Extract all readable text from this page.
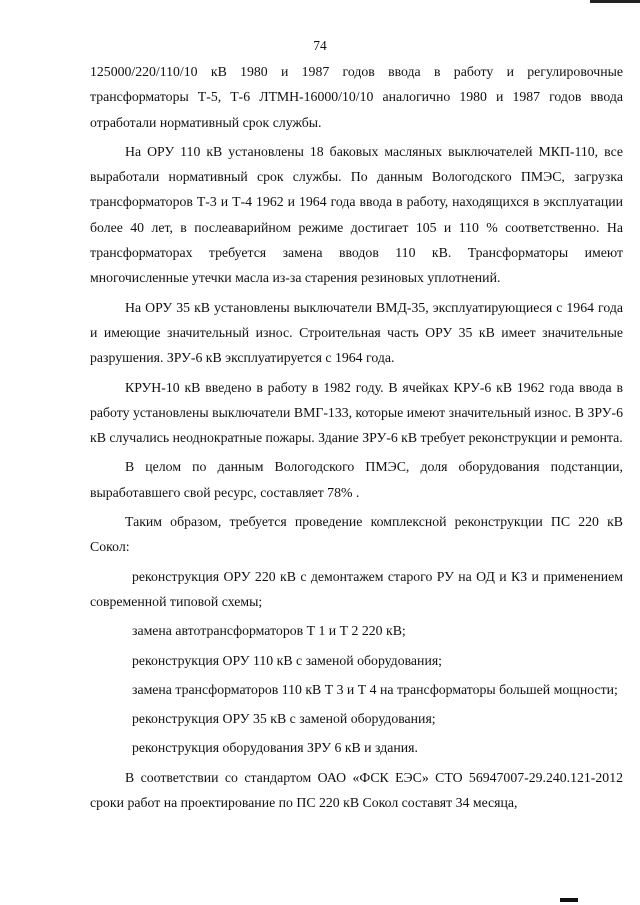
74

125000/220/110/10 кВ 1980 и 1987 годов ввода в работу и регулировочные трансформаторы Т-5, Т-6 ЛТМН-16000/10/10 аналогично 1980 и 1987 годов ввода отработали нормативный срок службы.

На ОРУ 110 кВ установлены 18 баковых масляных выключателей МКП-110, все выработали нормативный срок службы. По данным Вологодского ПМЭС, загрузка трансформаторов Т-3 и Т-4 1962 и 1964 года ввода в работу, находящихся в эксплуатации более 40 лет, в послеаварийном режиме достигает 105 и 110 % соответственно. На трансформаторах требуется замена вводов 110 кВ. Трансформаторы имеют многочисленные утечки масла из-за старения резиновых уплотнений.

На ОРУ 35 кВ установлены выключатели ВМД-35, эксплуатирующиеся с 1964 года и имеющие значительный износ. Строительная часть ОРУ 35 кВ имеет значительные разрушения. ЗРУ-6 кВ эксплуатируется с 1964 года.

КРУН-10 кВ введено в работу в 1982 году. В ячейках КРУ-6 кВ 1962 года ввода в работу установлены выключатели ВМГ-133, которые имеют значительный износ. В ЗРУ-6 кВ случались неоднократные пожары. Здание ЗРУ-6 кВ требует реконструкции и ремонта.

В целом по данным Вологодского ПМЭС, доля оборудования подстанции, выработавшего свой ресурс, составляет 78% .

Таким образом, требуется проведение комплексной реконструкции ПС 220 кВ Сокол:

реконструкция ОРУ 220 кВ с демонтажем старого РУ на ОД и КЗ и применением современной типовой схемы;

замена автотрансформаторов Т 1 и Т 2 220 кВ;

реконструкция ОРУ 110 кВ с заменой оборудования;

замена трансформаторов 110 кВ Т 3 и Т 4 на трансформаторы большей мощности;

реконструкция ОРУ 35 кВ с заменой оборудования;

реконструкция оборудования ЗРУ 6 кВ и здания.

В соответствии со стандартом ОАО «ФСК ЕЭС» СТО 56947007-29.240.121-2012 сроки работ на проектирование по ПС 220 кВ Сокол составят 34 месяца,
